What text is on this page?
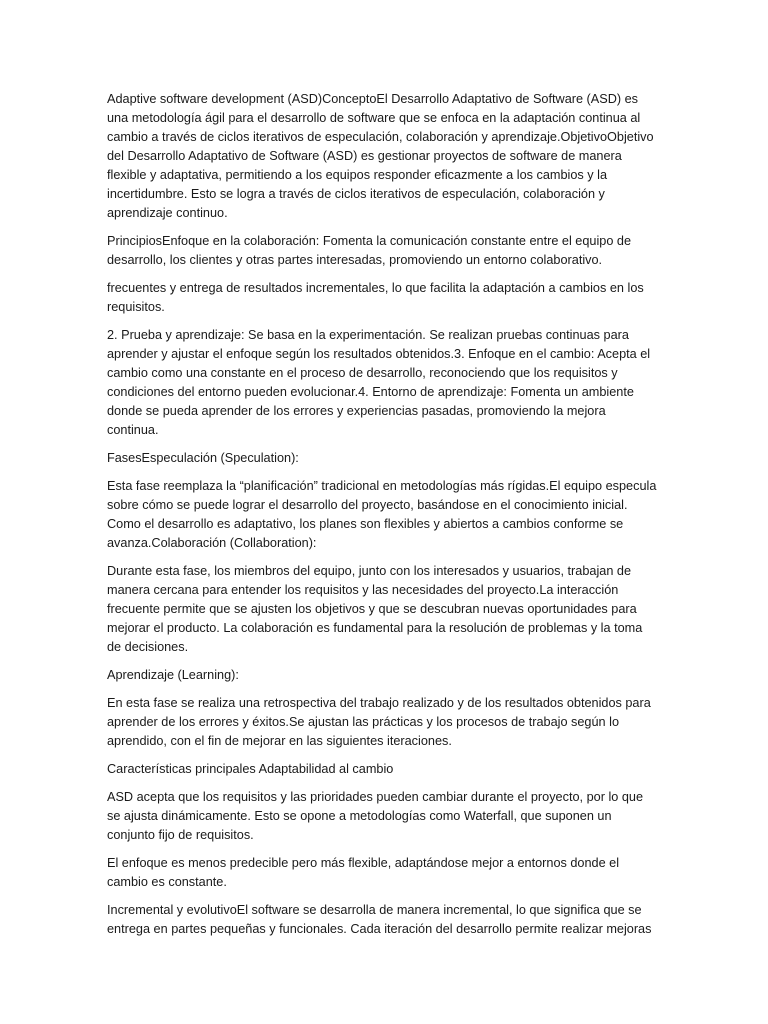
Adaptive software development (ASD)ConceptoEl Desarrollo Adaptativo de Software (ASD) es una metodología ágil para el desarrollo de software que se enfoca en la adaptación continua al cambio a través de ciclos iterativos de especulación, colaboración y aprendizaje.ObjetivoObjetivo del Desarrollo Adaptativo de Software (ASD) es gestionar proyectos de software de manera flexible y adaptativa, permitiendo a los equipos responder eficazmente a los cambios y la incertidumbre. Esto se logra a través de ciclos iterativos de especulación, colaboración y aprendizaje continuo.

PrincipiosEnfoque en la colaboración: Fomenta la comunicación constante entre el equipo de desarrollo, los clientes y otras partes interesadas, promoviendo un entorno colaborativo.

frecuentes y entrega de resultados incrementales, lo que facilita la adaptación a cambios en los requisitos.

2. Prueba y aprendizaje: Se basa en la experimentación. Se realizan pruebas continuas para aprender y ajustar el enfoque según los resultados obtenidos.3. Enfoque en el cambio: Acepta el cambio como una constante en el proceso de desarrollo, reconociendo que los requisitos y condiciones del entorno pueden evolucionar.4. Entorno de aprendizaje: Fomenta un ambiente donde se pueda aprender de los errores y experiencias pasadas, promoviendo la mejora continua.

FasesEspeculación (Speculation):

Esta fase reemplaza la “planificación” tradicional en metodologías más rígidas.El equipo especula sobre cómo se puede lograr el desarrollo del proyecto, basándose en el conocimiento inicial. Como el desarrollo es adaptativo, los planes son flexibles y abiertos a cambios conforme se avanza.Colaboración (Collaboration):

Durante esta fase, los miembros del equipo, junto con los interesados y usuarios, trabajan de manera cercana para entender los requisitos y las necesidades del proyecto.La interacción frecuente permite que se ajusten los objetivos y que se descubran nuevas oportunidades para mejorar el producto. La colaboración es fundamental para la resolución de problemas y la toma de decisiones.

Aprendizaje (Learning):

En esta fase se realiza una retrospectiva del trabajo realizado y de los resultados obtenidos para aprender de los errores y éxitos.Se ajustan las prácticas y los procesos de trabajo según lo aprendido, con el fin de mejorar en las siguientes iteraciones.

Características principales Adaptabilidad al cambio

ASD acepta que los requisitos y las prioridades pueden cambiar durante el proyecto, por lo que se ajusta dinámicamente. Esto se opone a metodologías como Waterfall, que suponen un conjunto fijo de requisitos.

El enfoque es menos predecible pero más flexible, adaptándose mejor a entornos donde el cambio es constante.

Incremental y evolutivoEl software se desarrolla de manera incremental, lo que significa que se entrega en partes pequeñas y funcionales. Cada iteración del desarrollo permite realizar mejoras
